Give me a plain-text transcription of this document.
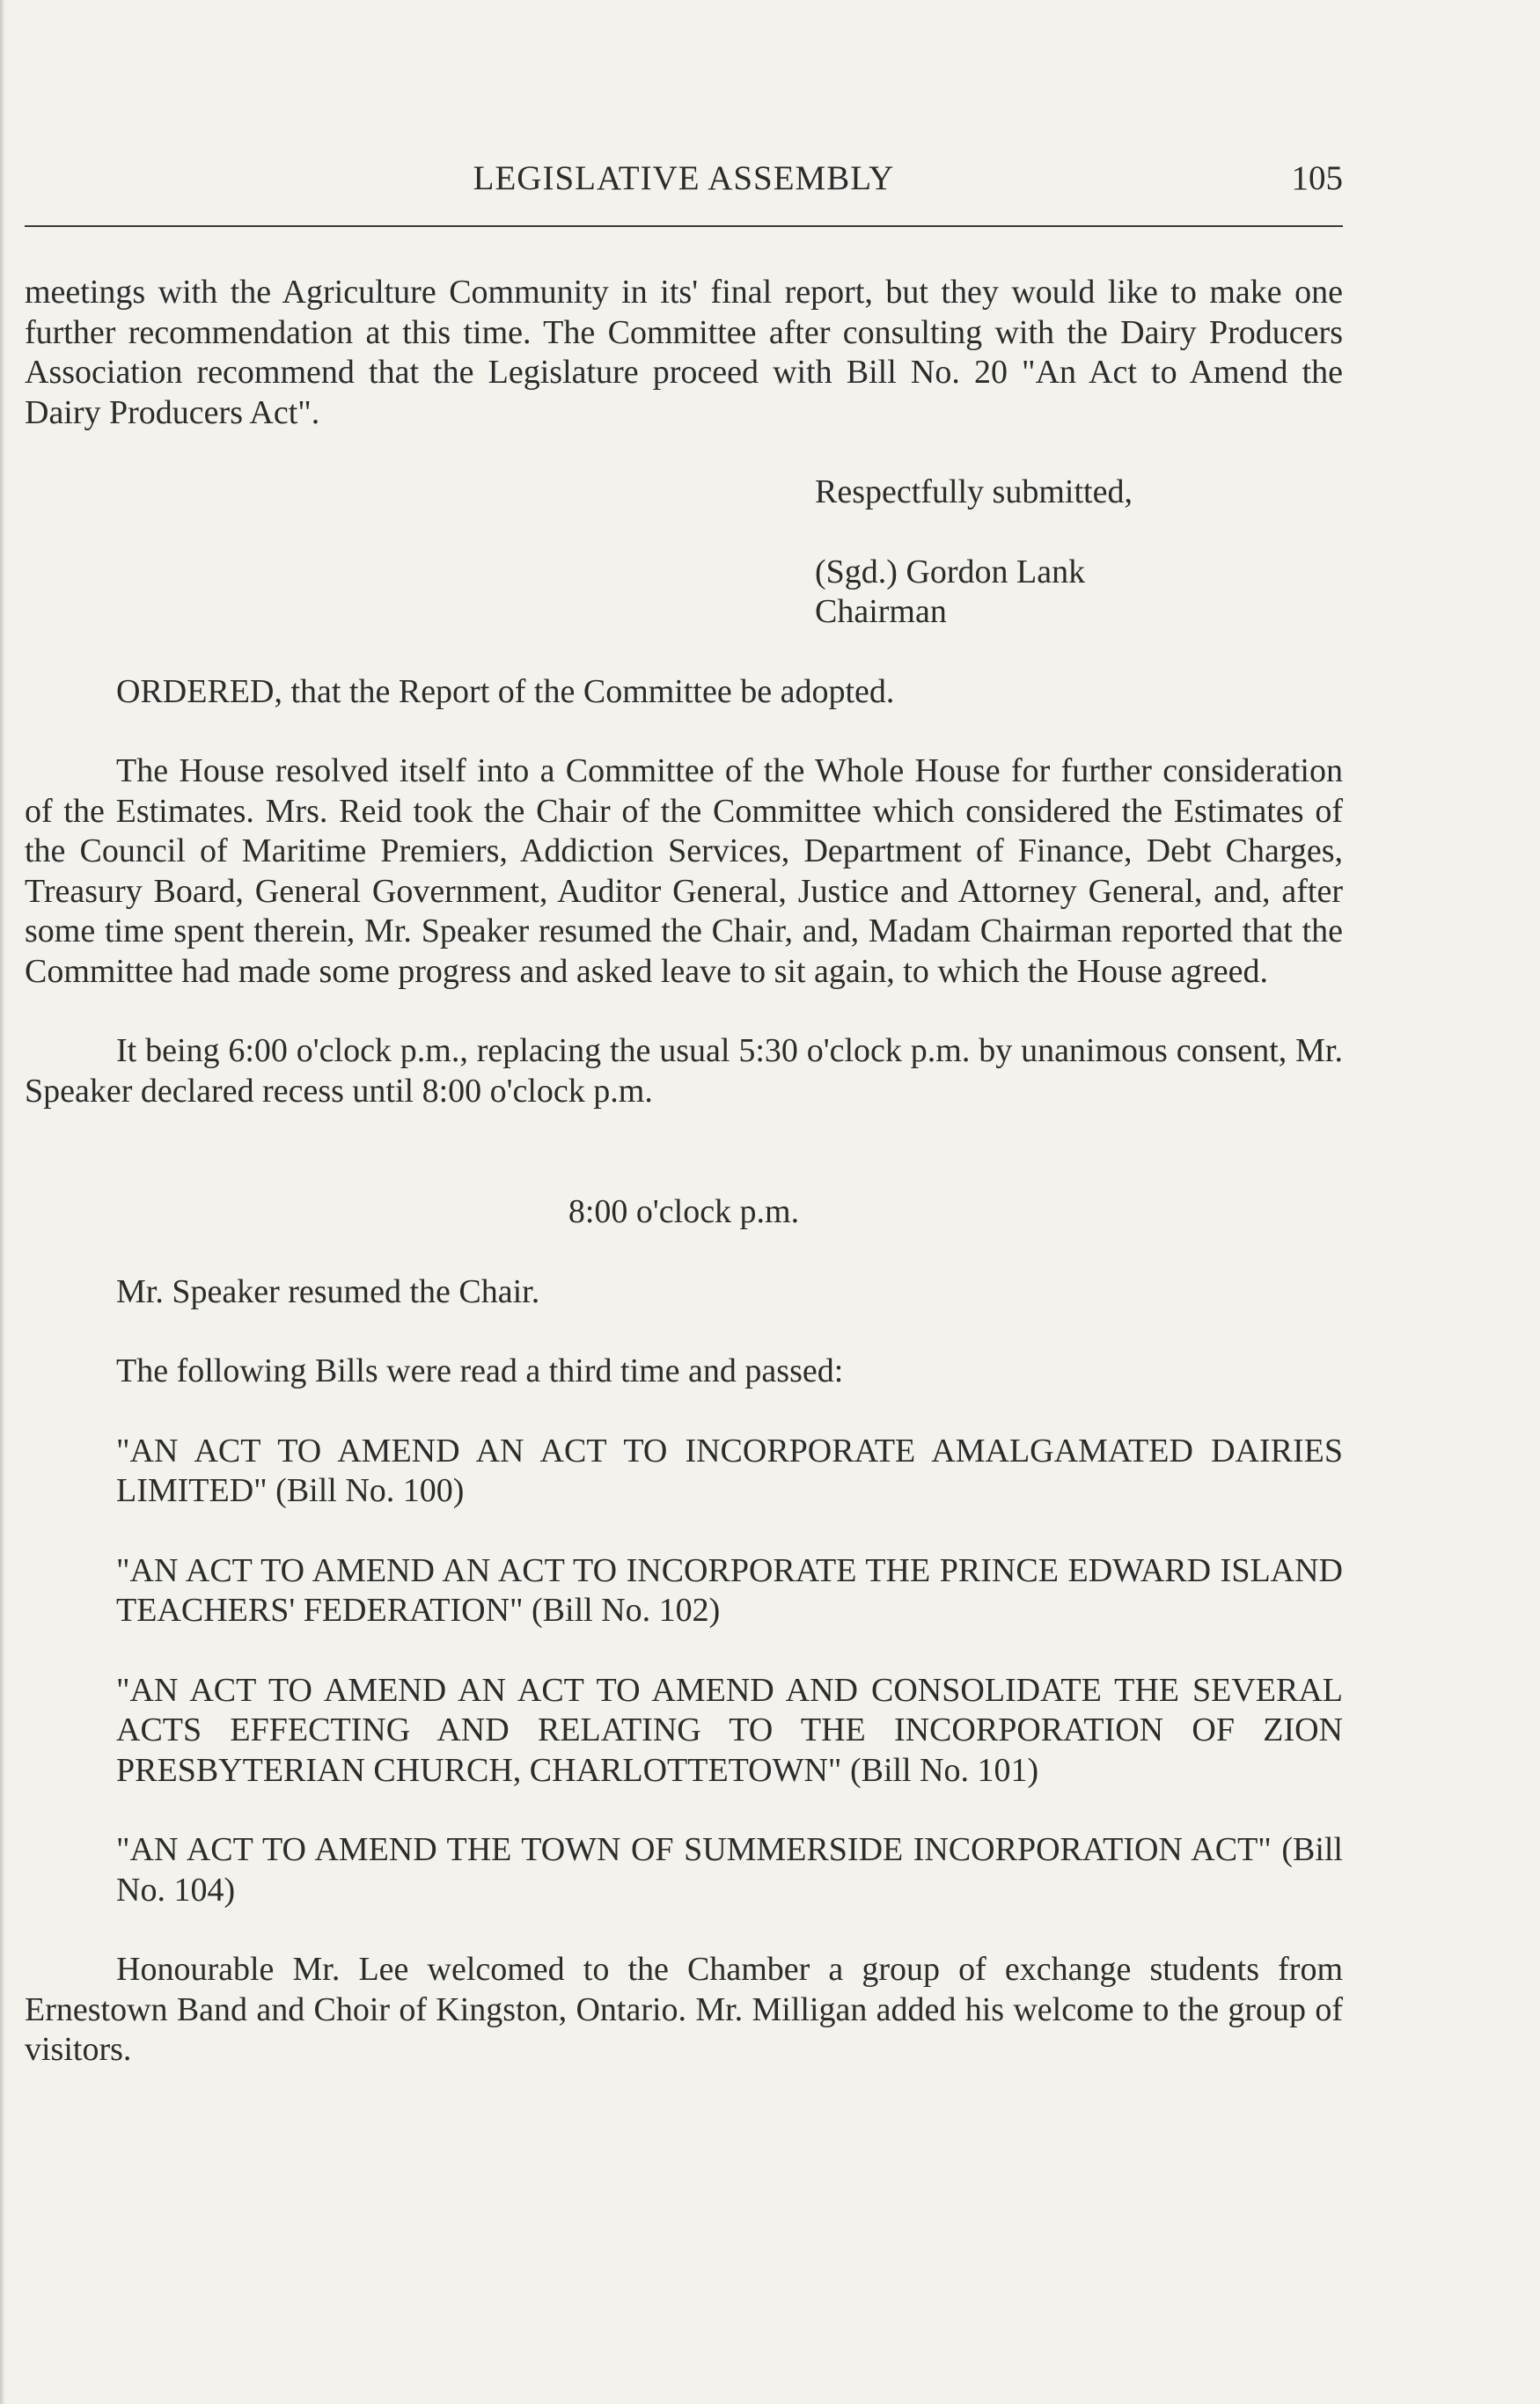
LEGISLATIVE ASSEMBLY	105

meetings with the Agriculture Community in its' final report, but they would like to make one further recommendation at this time. The Committee after consulting with the Dairy Producers Association recommend that the Legislature proceed with Bill No. 20 "An Act to Amend the Dairy Producers Act".

Respectfully submitted,

(Sgd.) Gordon Lank
Chairman

ORDERED, that the Report of the Committee be adopted.

The House resolved itself into a Committee of the Whole House for further consideration of the Estimates. Mrs. Reid took the Chair of the Committee which considered the Estimates of the Council of Maritime Premiers, Addiction Services, Department of Finance, Debt Charges, Treasury Board, General Government, Auditor General, Justice and Attorney General, and, after some time spent therein, Mr. Speaker resumed the Chair, and, Madam Chairman reported that the Committee had made some progress and asked leave to sit again, to which the House agreed.

It being 6:00 o'clock p.m., replacing the usual 5:30 o'clock p.m. by unanimous consent, Mr. Speaker declared recess until 8:00 o'clock p.m.

8:00 o'clock p.m.

Mr. Speaker resumed the Chair.

The following Bills were read a third time and passed:

"AN ACT TO AMEND AN ACT TO INCORPORATE AMALGAMATED DAIRIES LIMITED" (Bill No. 100)

"AN ACT TO AMEND AN ACT TO INCORPORATE THE PRINCE EDWARD ISLAND TEACHERS' FEDERATION" (Bill No. 102)

"AN ACT TO AMEND AN ACT TO AMEND AND CONSOLIDATE THE SEVERAL ACTS EFFECTING AND RELATING TO THE INCORPORATION OF ZION PRESBYTERIAN CHURCH, CHARLOTTETOWN" (Bill No. 101)

"AN ACT TO AMEND THE TOWN OF SUMMERSIDE INCORPORATION ACT" (Bill No. 104)

Honourable Mr. Lee welcomed to the Chamber a group of exchange students from Ernestown Band and Choir of Kingston, Ontario. Mr. Milligan added his welcome to the group of visitors.
